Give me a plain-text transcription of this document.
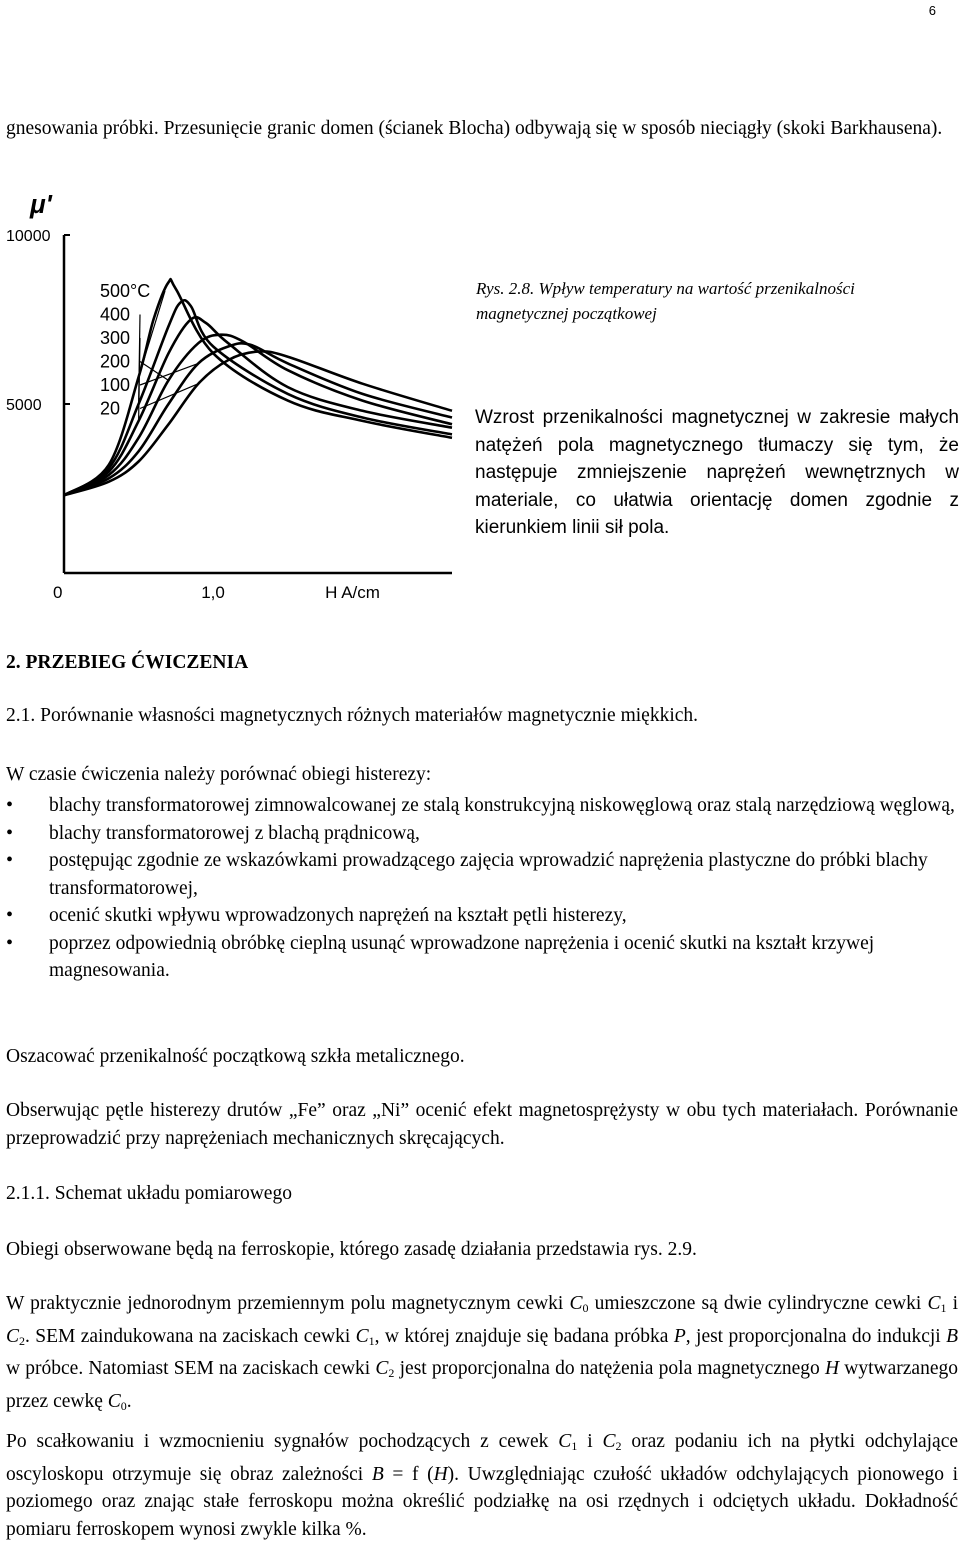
6
gnesowania próbki. Przesunięcie granic domen (ścianek Blocha) odbywają się w sposób nieciągły (skoki Barkhausena).
10000
5000
0	1,0
μ'
H A/cm
500°C
400
300
200
100
20
Rys. 2.8. Wpływ temperatury na wartość przenikalności magnetycznej początkowej
Wzrost przenikalności magnetycznej w zakresie małych natężeń pola magnetycznego tłumaczy się tym, że następuje zmniejszenie naprężeń wewnętrznych w materiale, co ułatwia orientację domen zgodnie z kierunkiem linii sił pola.
2. PRZEBIEG ĆWICZENIA
2.1. Porównanie własności magnetycznych różnych materiałów magnetycznie miękkich.
W czasie ćwiczenia należy porównać obiegi histerezy:
• blachy transformatorowej zimnowalcowanej ze stalą konstrukcyjną niskowęglową oraz stalą narzędziową węglową,
• blachy transformatorowej z blachą prądnicową,
• postępując zgodnie ze wskazówkami prowadzącego zajęcia wprowadzić naprężenia plastyczne do próbki blachy transformatorowej,
• ocenić skutki wpływu wprowadzonych naprężeń na kształt pętli histerezy,
• poprzez odpowiednią obróbkę cieplną usunąć wprowadzone naprężenia i ocenić skutki na kształt krzywej magnesowania.
Oszacować przenikalność początkową szkła metalicznego.
Obserwując pętle histerezy drutów „Fe” oraz „Ni” ocenić efekt magnetosprężysty w obu tych materiałach. Porównanie przeprowadzić przy naprężeniach mechanicznych skręcających.
2.1.1. Schemat układu pomiarowego
Obiegi obserwowane będą na ferroskopie, którego zasadę działania przedstawia rys. 2.9.
W praktycznie jednorodnym przemiennym polu magnetycznym cewki $C_0$ umieszczone są dwie cylindryczne cewki $C_1$ i $C_2$. SEM zaindukowana na zaciskach cewki $C_1$, w której znajduje się badana próbka P, jest proporcjonalna do indukcji B w próbce. Natomiast SEM na zaciskach cewki $C_2$ jest proporcjonalna do natężenia pola magnetycznego H wytwarzanego przez cewkę $C_0$.
Po scałkowaniu i wzmocnieniu sygnałów pochodzących z cewek $C_1$ i $C_2$ oraz podaniu ich na płytki odchylające oscyloskopu otrzymuje się obraz zależności B = f (H). Uwzględniając czułość układów odchylających pionowego i poziomego oraz znając stałe ferroskopu można określić podziałkę na osi rzędnych i odciętych układu. Dokładność pomiaru ferroskopem wynosi zwykle kilka %.
